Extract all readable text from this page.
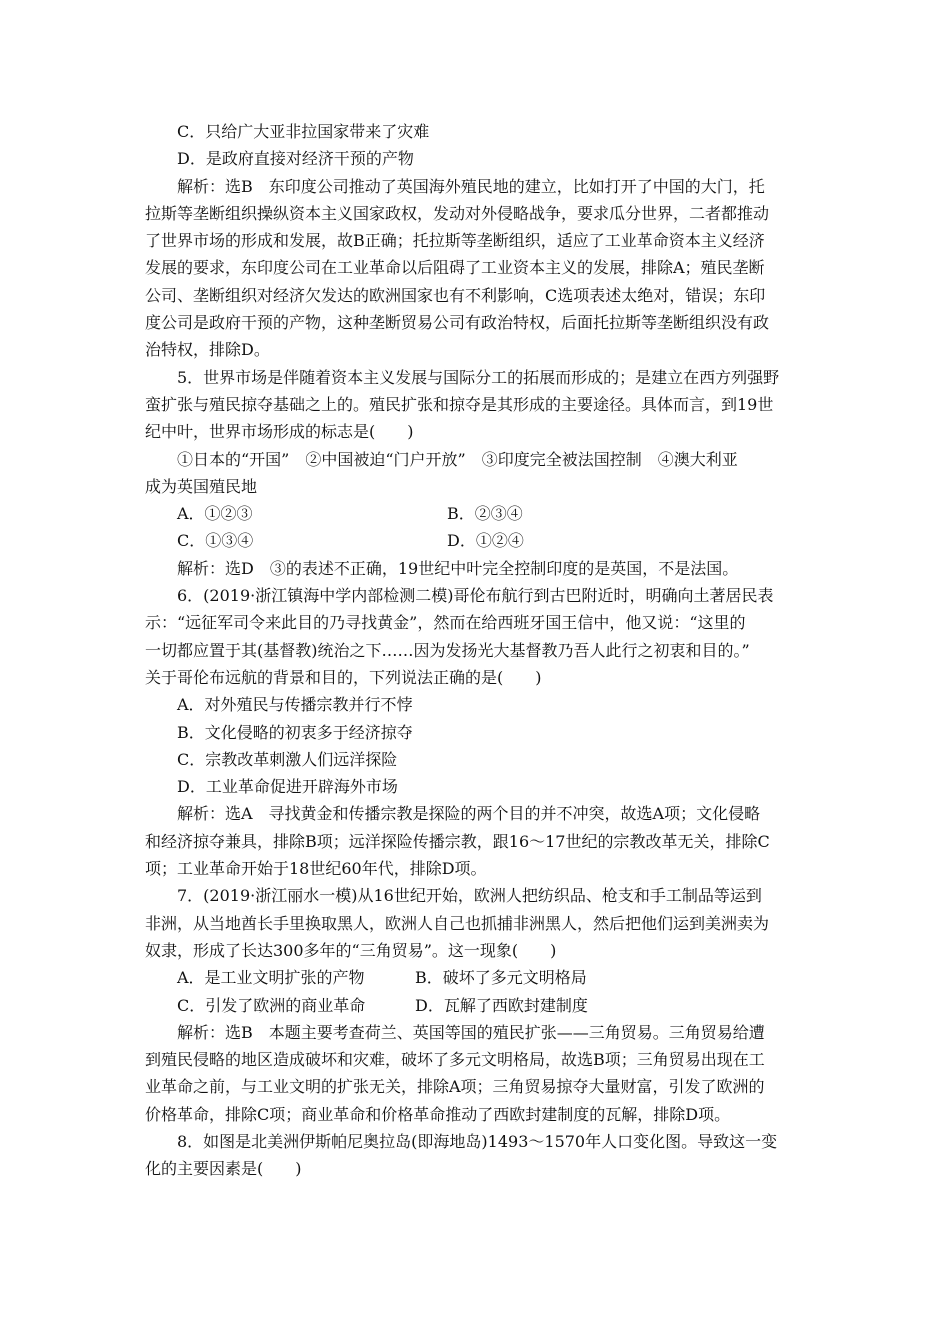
C．只给广大亚非拉国家带来了灾难
D．是政府直接对经济干预的产物
解析：选B　东印度公司推动了英国海外殖民地的建立，比如打开了中国的大门，托
拉斯等垄断组织操纵资本主义国家政权，发动对外侵略战争，要求瓜分世界，二者都推动
了世界市场的形成和发展，故B正确；托拉斯等垄断组织，适应了工业革命资本主义经济
发展的要求，东印度公司在工业革命以后阻碍了工业资本主义的发展，排除A；殖民垄断
公司、垄断组织对经济欠发达的欧洲国家也有不利影响，C选项表述太绝对，错误；东印
度公司是政府干预的产物，这种垄断贸易公司有政治特权，后面托拉斯等垄断组织没有政
治特权，排除D。
5．世界市场是伴随着资本主义发展与国际分工的拓展而形成的；是建立在西方列强野
蛮扩张与殖民掠夺基础之上的。殖民扩张和掠夺是其形成的主要途径。具体而言，到19世
纪中叶，世界市场形成的标志是(　　)
①日本的“开国”　②中国被迫“门户开放”　③印度完全被法国控制　④澳大利亚
成为英国殖民地
A．①②③	B．②③④
C．①③④	D．①②④
解析：选D　③的表述不正确，19世纪中叶完全控制印度的是英国，不是法国。
6．(2019·浙江镇海中学内部检测二模)哥伦布航行到古巴附近时，明确向土著居民表
示：“远征军司令来此目的乃寻找黄金”，然而在给西班牙国王信中，他又说：“这里的
一切都应置于其(基督教)统治之下……因为发扬光大基督教乃吾人此行之初衷和目的。”
关于哥伦布远航的背景和目的，下列说法正确的是(　　)
A．对外殖民与传播宗教并行不悖
B．文化侵略的初衷多于经济掠夺
C．宗教改革刺激人们远洋探险
D．工业革命促进开辟海外市场
解析：选A　寻找黄金和传播宗教是探险的两个目的并不冲突，故选A项；文化侵略
和经济掠夺兼具，排除B项；远洋探险传播宗教，跟16～17世纪的宗教改革无关，排除C
项；工业革命开始于18世纪60年代，排除D项。
7．(2019·浙江丽水一模)从16世纪开始，欧洲人把纺织品、枪支和手工制品等运到
非洲，从当地酋长手里换取黑人，欧洲人自己也抓捕非洲黑人，然后把他们运到美洲卖为
奴隶，形成了长达300多年的“三角贸易”。这一现象(　　)
A．是工业文明扩张的产物	B．破坏了多元文明格局
C．引发了欧洲的商业革命	D．瓦解了西欧封建制度
解析：选B　本题主要考查荷兰、英国等国的殖民扩张——三角贸易。三角贸易给遭
到殖民侵略的地区造成破坏和灾难，破坏了多元文明格局，故选B项；三角贸易出现在工
业革命之前，与工业文明的扩张无关，排除A项；三角贸易掠夺大量财富，引发了欧洲的
价格革命，排除C项；商业革命和价格革命推动了西欧封建制度的瓦解，排除D项。
8．如图是北美洲伊斯帕尼奥拉岛(即海地岛)1493～1570年人口变化图。导致这一变
化的主要因素是(　　)
